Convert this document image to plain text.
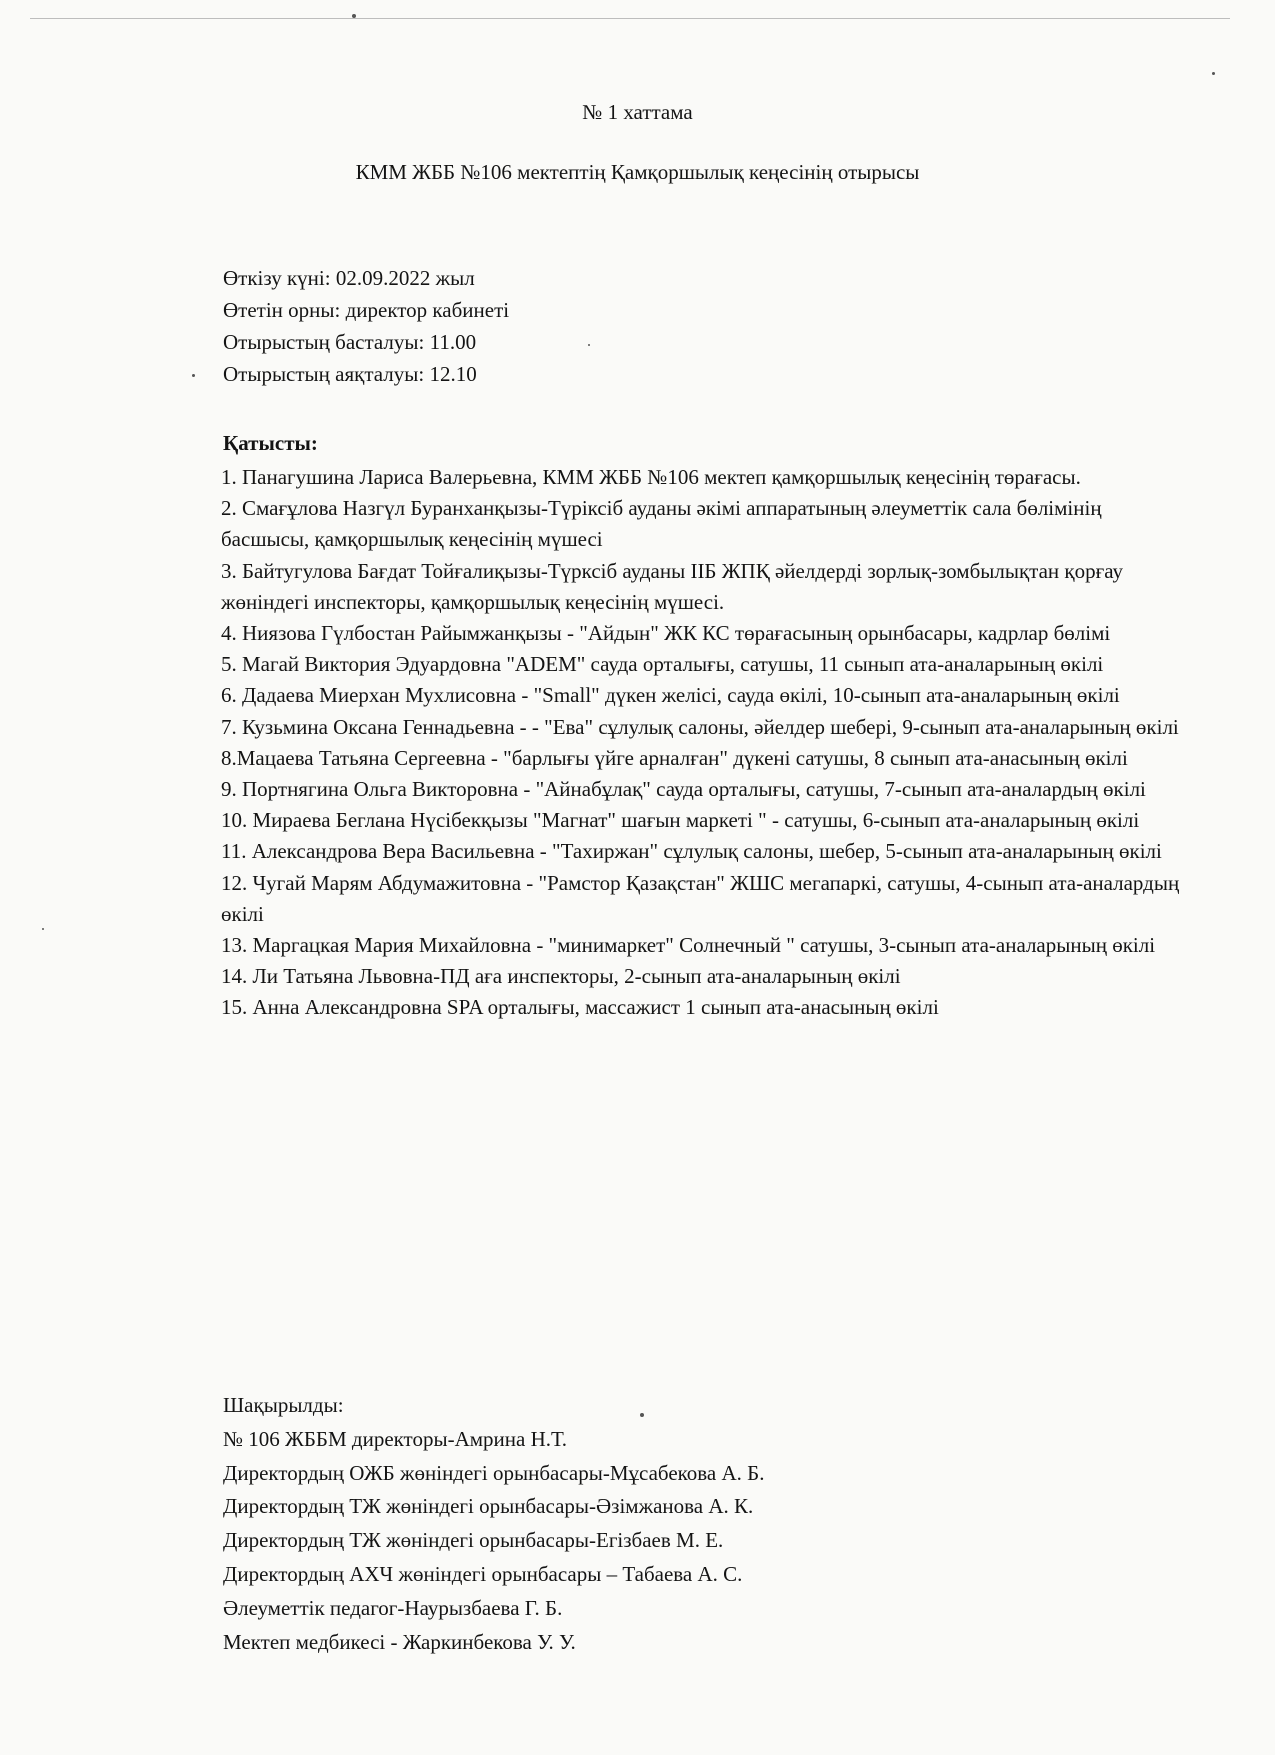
№ 1 хаттама
КММ ЖББ №106 мектептің Қамқоршылық кеңесінің отырысы
Өткізу күні: 02.09.2022 жыл
Өтетін орны: директор кабинеті
Отырыстың басталуы: 11.00
Отырыстың аяқталуы: 12.10
Қатысты:
1. Панагушина Лариса Валерьевна, КММ ЖББ №106 мектеп қамқоршылық кеңесінің төрағасы.
2. Смағұлова Назгүл Буранханқызы-Түріксіб ауданы әкімі аппаратының әлеуметтік сала бөлімінің басшысы, қамқоршылық кеңесінің мүшесі
3. Байтугулова Бағдат Тойғалиқызы-Түрксіб ауданы ІІБ ЖПҚ әйелдерді зорлық-зомбылықтан қорғау жөніндегі инспекторы, қамқоршылық кеңесінің мүшесі.
4. Ниязова Гүлбостан Райымжанқызы - "Айдын" ЖК КС төрағасының орынбасары, кадрлар бөлімі
5. Магай Виктория Эдуардовна "ADEM" сауда орталығы, сатушы, 11 сынып ата-аналарының өкілі
6. Дадаева Миерхан Мухлисовна - "Small" дүкен желісі, сауда өкілі, 10-сынып ата-аналарының өкілі
7. Кузьмина Оксана Геннадьевна - - "Ева" сұлулық салоны, әйелдер шебері, 9-сынып ата-аналарының өкілі
8.Мацаева Татьяна Сергеевна - "барлығы үйге арналған" дүкені сатушы, 8 сынып ата-анасының өкілі
9. Портнягина Ольга Викторовна - "Айнабұлақ" сауда орталығы, сатушы, 7-сынып ата-аналардың өкілі
10. Мираева Беглана Нүсібекқызы "Магнат" шағын маркеті " - сатушы, 6-сынып ата-аналарының өкілі
11. Александрова Вера Васильевна - "Тахиржан" сұлулық салоны, шебер, 5-сынып ата-аналарының өкілі
12. Чугай Марям Абдумажитовна - "Рамстор Қазақстан" ЖШС мегапаркі, сатушы, 4-сынып ата-аналардың өкілі
13. Маргацкая Мария Михайловна - "минимаркет" Солнечный " сатушы, 3-сынып ата-аналарының өкілі
14. Ли Татьяна Львовна-ПД аға инспекторы, 2-сынып ата-аналарының өкілі
15. Анна Александровна SPA орталығы, массажист 1 сынып ата-анасының өкілі
Шақырылды:
№ 106 ЖББМ директоры-Амрина Н.Т.
Директордың ОЖБ жөніндегі орынбасары-Мұсабекова А. Б.
Директордың ТЖ жөніндегі орынбасары-Әзімжанова А. К.
Директордың ТЖ жөніндегі орынбасары-Егізбаев М. Е.
Директордың АХЧ жөніндегі орынбасары – Табаева А. С.
Әлеуметтік педагог-Наурызбаева Г. Б.
Мектеп медбикесі - Жаркинбекова У. У.
